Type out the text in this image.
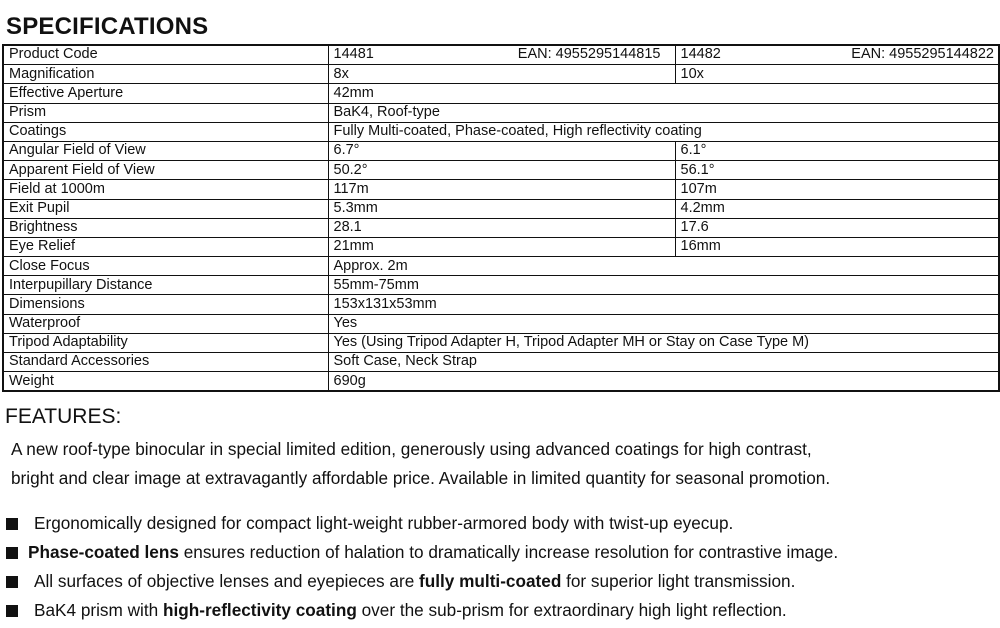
SPECIFICATIONS
Product Code	14481 EAN: 4955295144815	14482 EAN: 4955295144822

Magnification	8x	10x
Effective Aperture	42mm	
Prism	BaK4, Roof-type	
Coatings	Fully Multi-coated, Phase-coated, High reflectivity coating	
Angular Field of View	6.7°	6.1°
Apparent Field of View	50.2°	56.1°
Field at 1000m	117m	107m
Exit Pupil	5.3mm	4.2mm
Brightness	28.1	17.6
Eye Relief	21mm	16mm
Close Focus	Approx. 2m	
Interpupillary Distance	55mm-75mm	
Dimensions	153x131x53mm	
Waterproof	Yes	
Tripod Adaptability	Yes (Using Tripod Adapter H, Tripod Adapter MH or Stay on Case Type M)	
Standard Accessories	Soft Case, Neck Strap	
Weight	690g	
FEATURES:

A new roof-type binocular in special limited edition, generously using advanced coatings for high contrast,

bright and clear image at extravagantly affordable price. Available in limited quantity for seasonal promotion.

Ergonomically designed for compact light-weight rubber-armored body with twist-up eyecup.
Phase-coated lens ensures reduction of halation to dramatically increase resolution for contrastive image.
All surfaces of objective lenses and eyepieces are fully multi-coated for superior light transmission.
BaK4 prism with high-reflectivity coating over the sub-prism for extraordinary high light reflection.
